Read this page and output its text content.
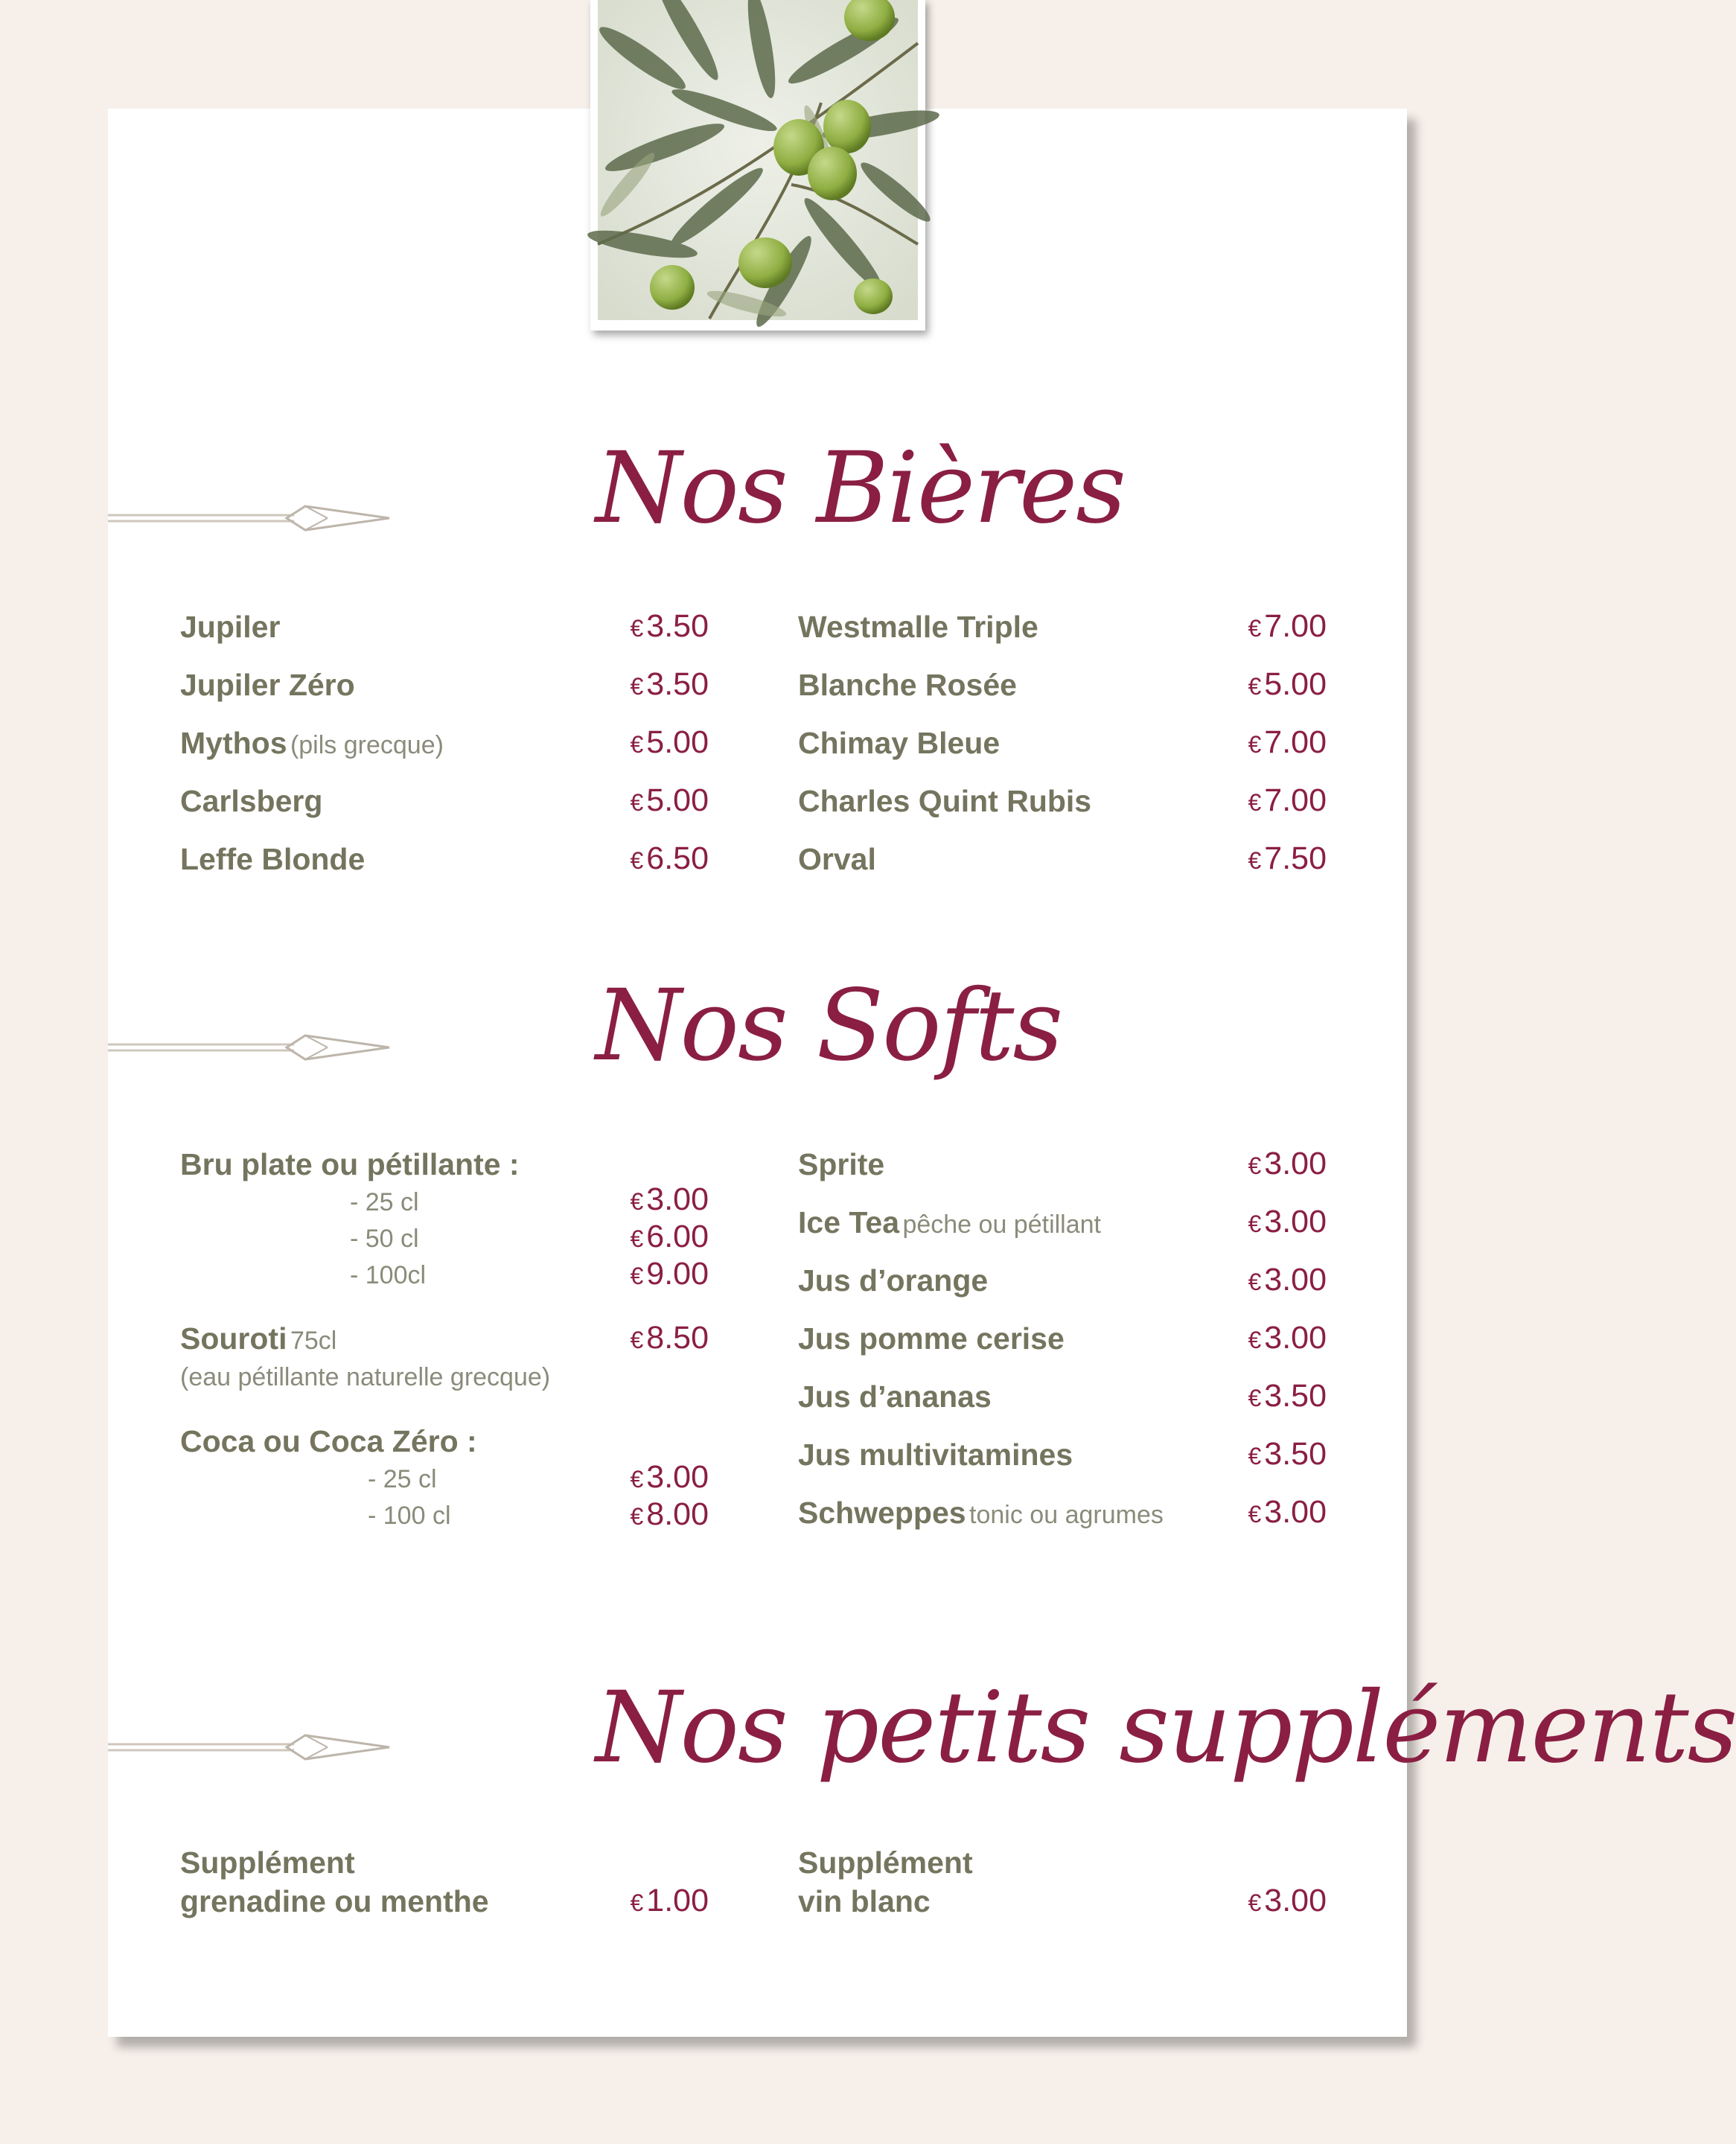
Nos Bières
Nos Softs
Nos petits suppléments
Jupiler	€3.50
Jupiler Zéro	€3.50
Mythos (pils grecque)	€5.00
Carlsberg	€5.00
Leffe Blonde	€6.50
Westmalle Triple	€7.00
Blanche Rosée	€5.00
Chimay Bleue	€7.00
Charles Quint Rubis	€7.00
Orval	€7.50
Bru plate ou pétillante :
- 25 cl	€3.00
- 50 cl	€6.00
- 100cl	€9.00
Souroti 75cl	€8.50
(eau pétillante naturelle grecque)
Coca ou Coca Zéro :
- 25 cl	€3.00
- 100 cl	€8.00
Sprite	€3.00
Ice Tea pêche ou pétillant	€3.00
Jus d’orange	€3.00
Jus pomme cerise	€3.00
Jus d’ananas	€3.50
Jus multivitamines	€3.50
Schweppes tonic ou agrumes	€3.00
Supplément
grenadine ou menthe	€1.00
Supplément
vin blanc	€3.00
